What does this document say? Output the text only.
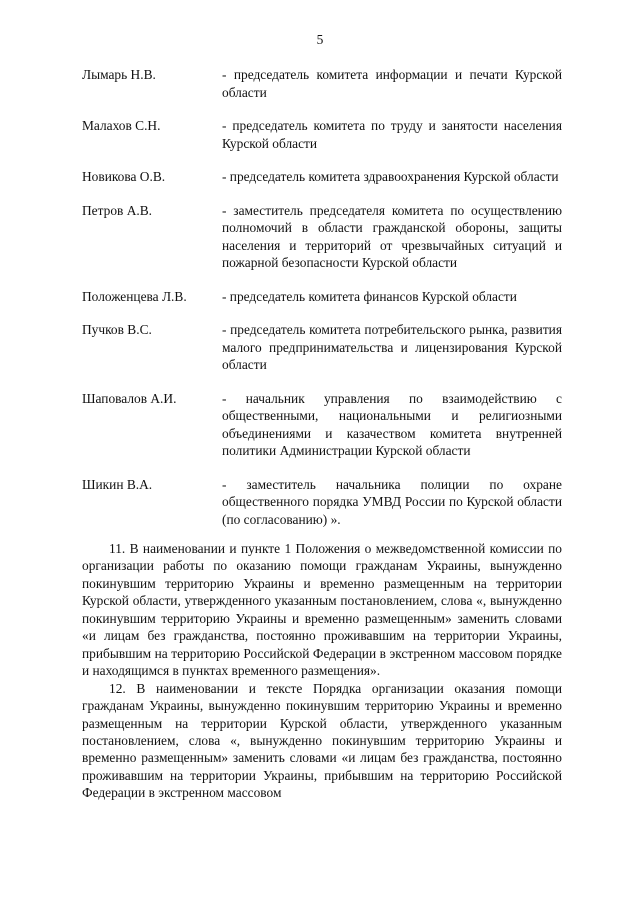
5
Лымарь Н.В.	- председатель комитета информации и печати Курской области
Малахов С.Н.	- председатель комитета по труду и занятости населения Курской области
Новикова О.В.	- председатель комитета здравоохранения Курской области
Петров А.В.	- заместитель председателя комитета по осуществлению полномочий в области гражданской обороны, защиты населения и территорий от чрезвычайных ситуаций и пожарной безопасности Курской области
Положенцева Л.В.	- председатель комитета финансов Курской области
Пучков В.С.	- председатель комитета потребительского рынка, развития малого предпринимательства и лицензирования Курской области
Шаповалов А.И.	- начальник управления по взаимодействию с общественными, национальными и религиозными объединениями и казачеством комитета внутренней политики Администрации Курской области
Шикин В.А.	- заместитель начальника полиции по охране общественного порядка УМВД России по Курской области (по согласованию) ».

11. В наименовании и пункте 1 Положения о межведомственной комиссии по организации работы по оказанию помощи гражданам Украины, вынужденно покинувшим территорию Украины и временно размещенным на территории Курской области, утвержденного указанным постановлением, слова «, вынужденно покинувшим территорию Украины и временно размещенным» заменить словами «и лицам без гражданства, постоянно проживавшим на территории Украины, прибывшим на территорию Российской Федерации в экстренном массовом порядке и находящимся в пунктах временного размещения».

12. В наименовании и тексте Порядка организации оказания помощи гражданам Украины, вынужденно покинувшим территорию Украины и временно размещенным на территории Курской области, утвержденного указанным постановлением, слова «, вынужденно покинувшим территорию Украины и временно размещенным» заменить словами «и лицам без гражданства, постоянно проживавшим на территории Украины, прибывшим на территорию Российской Федерации в экстренном массовом
